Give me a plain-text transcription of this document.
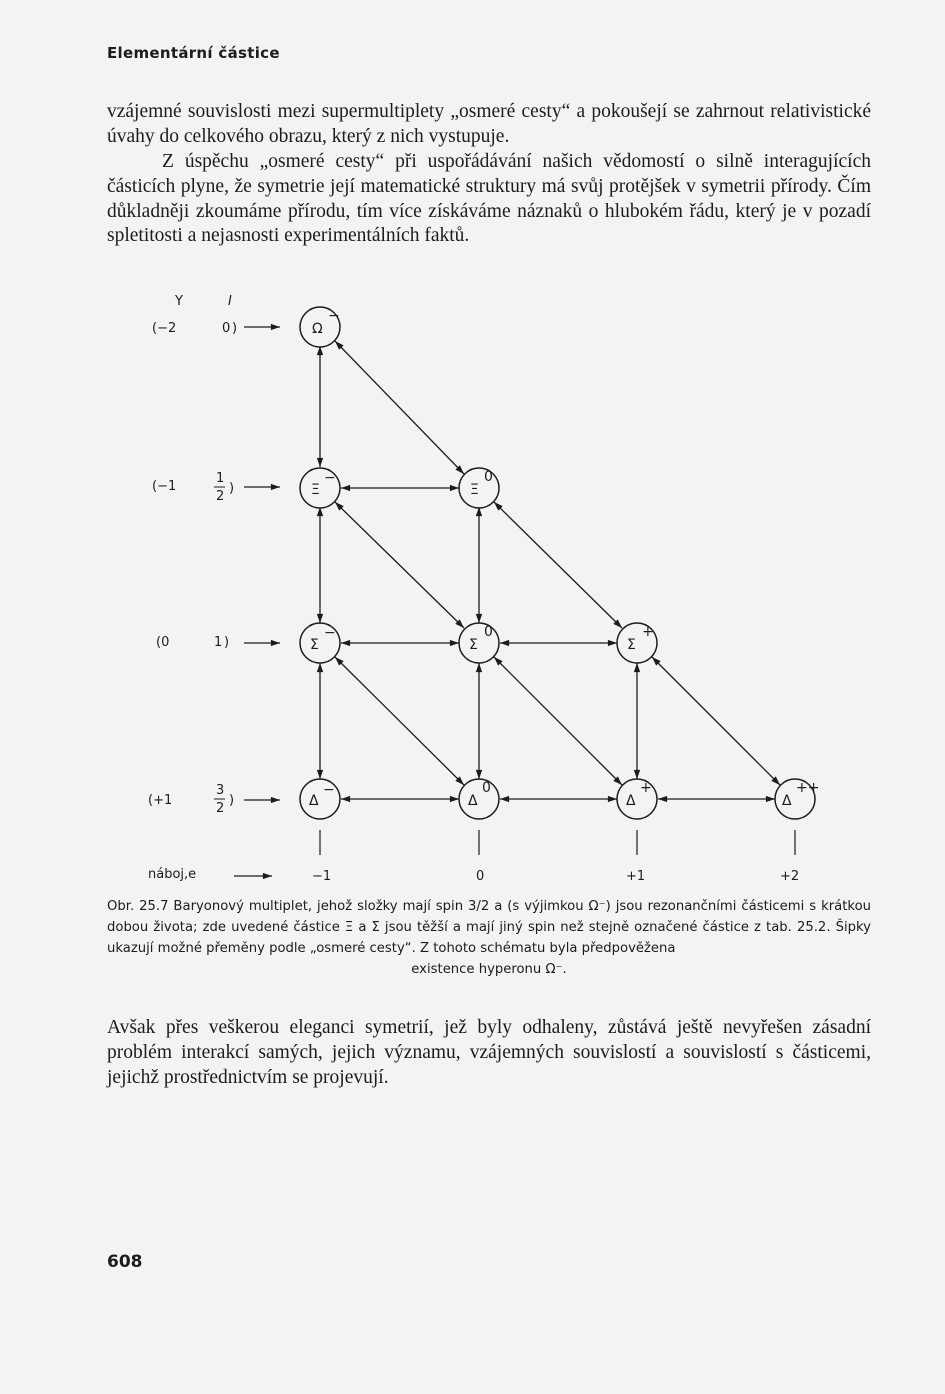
Elementární částice

vzájemné souvislosti mezi supermultiplety „osmeré cesty“ a pokoušejí se zahrnout relativistické úvahy do celkového obrazu, který z nich vystupuje.

Z úspěchu „osmeré cesty“ při uspořádávání našich vědomostí o silně interagujících částicích plyne, že symetrie její matematické struktury má svůj protějšek v symetrii přírody. Čím důkladněji zkoumáme přírodu, tím více získáváme náznaků o hlubokém řádu, který je v pozadí spletitosti a nejasnosti experimentálních faktů.

Y	I
(−2	0 )
(−1
1
2
)
(0	1 )
(+1
3
2
)
Ω
−
Ξ
−
Ξ
0
Σ
−
Σ
0
Σ
+
Δ
−
Δ
0
Δ
+
Δ
++
náboj,e	−1	0	+1	+2

Obr. 25.7 Baryonový multiplet, jehož složky mají spin 3/2 a (s výjimkou Ω⁻) jsou rezonančními částicemi s krátkou dobou života; zde uvedené částice Ξ a Σ jsou těžší a mají jiný spin než stejně označené částice z tab. 25.2. Šipky ukazují možné přeměny podle „osmeré cesty“. Z tohoto schématu byla předpověžena
existence hyperonu Ω⁻.

Avšak přes veškerou eleganci symetrií, jež byly odhaleny, zůstává ještě nevyřešen zásadní problém interakcí samých, jejich významu, vzájemných souvislostí a souvislostí s částicemi, jejichž prostřednictvím se projevují.

608
